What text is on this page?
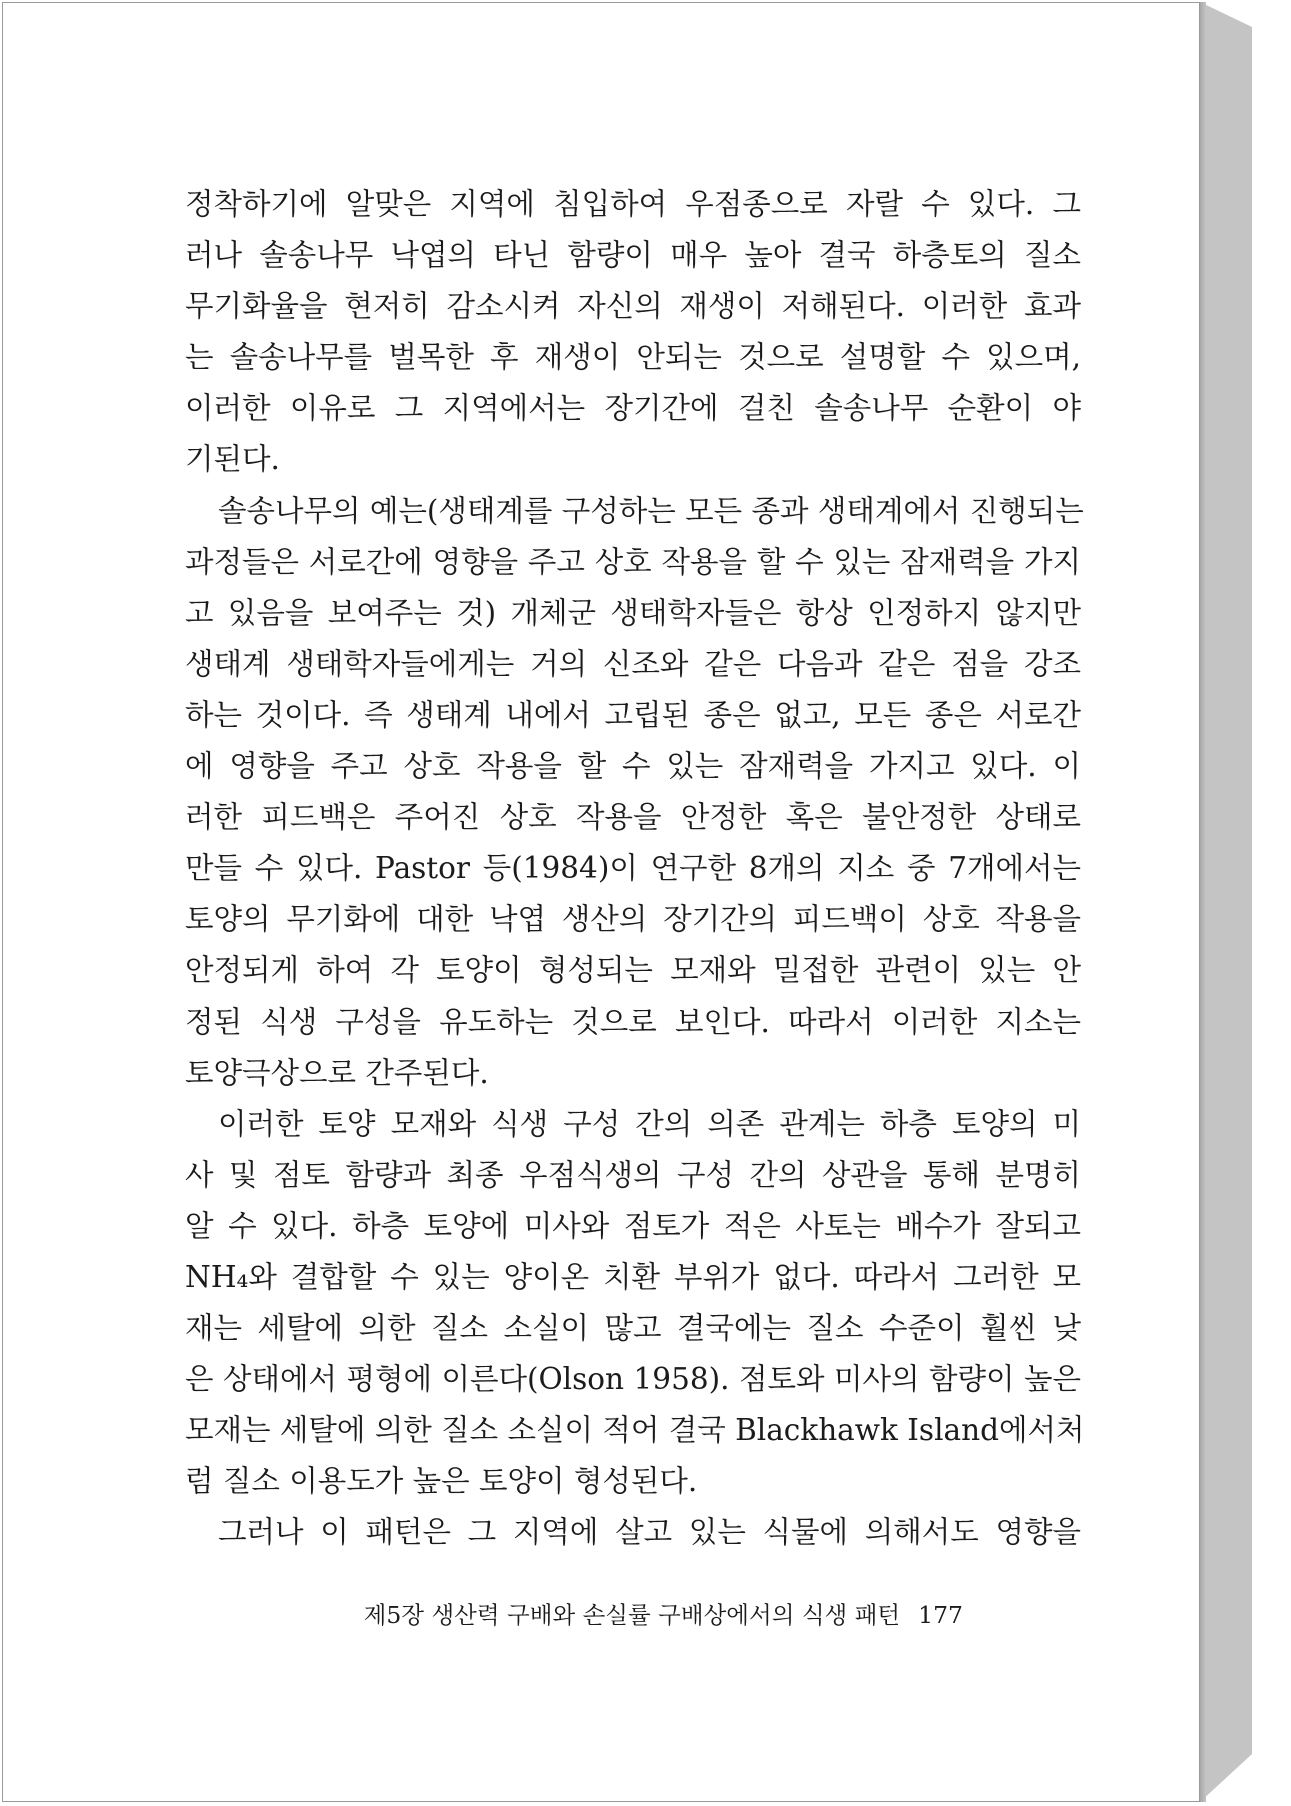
정착하기에 알맞은 지역에 침입하여 우점종으로 자랄 수 있다. 그
러나 솔송나무 낙엽의 타닌 함량이 매우 높아 결국 하층토의 질소
무기화율을 현저히 감소시켜 자신의 재생이 저해된다. 이러한 효과
는 솔송나무를 벌목한 후 재생이 안되는 것으로 설명할 수 있으며,
이러한 이유로 그 지역에서는 장기간에 걸친 솔송나무 순환이 야
기된다.
솔송나무의 예는(생태계를 구성하는 모든 종과 생태계에서 진행되는
과정들은 서로간에 영향을 주고 상호 작용을 할 수 있는 잠재력을 가지
고 있음을 보여주는 것) 개체군 생태학자들은 항상 인정하지 않지만
생태계 생태학자들에게는 거의 신조와 같은 다음과 같은 점을 강조
하는 것이다. 즉 생태계 내에서 고립된 종은 없고, 모든 종은 서로간
에 영향을 주고 상호 작용을 할 수 있는 잠재력을 가지고 있다. 이
러한 피드백은 주어진 상호 작용을 안정한 혹은 불안정한 상태로
만들 수 있다. Pastor 등(1984)이 연구한 8개의 지소 중 7개에서는
토양의 무기화에 대한 낙엽 생산의 장기간의 피드백이 상호 작용을
안정되게 하여 각 토양이 형성되는 모재와 밀접한 관련이 있는 안
정된 식생 구성을 유도하는 것으로 보인다. 따라서 이러한 지소는
토양극상으로 간주된다.
이러한 토양 모재와 식생 구성 간의 의존 관계는 하층 토양의 미
사 및 점토 함량과 최종 우점식생의 구성 간의 상관을 통해 분명히
알 수 있다. 하층 토양에 미사와 점토가 적은 사토는 배수가 잘되고
NH₄와 결합할 수 있는 양이온 치환 부위가 없다. 따라서 그러한 모
재는 세탈에 의한 질소 소실이 많고 결국에는 질소 수준이 훨씬 낮
은 상태에서 평형에 이른다(Olson 1958). 점토와 미사의 함량이 높은
모재는 세탈에 의한 질소 소실이 적어 결국 Blackhawk Island에서처
럼 질소 이용도가 높은 토양이 형성된다.
그러나 이 패턴은 그 지역에 살고 있는 식물에 의해서도 영향을
제5장 생산력 구배와 손실률 구배상에서의 식생 패턴 177
